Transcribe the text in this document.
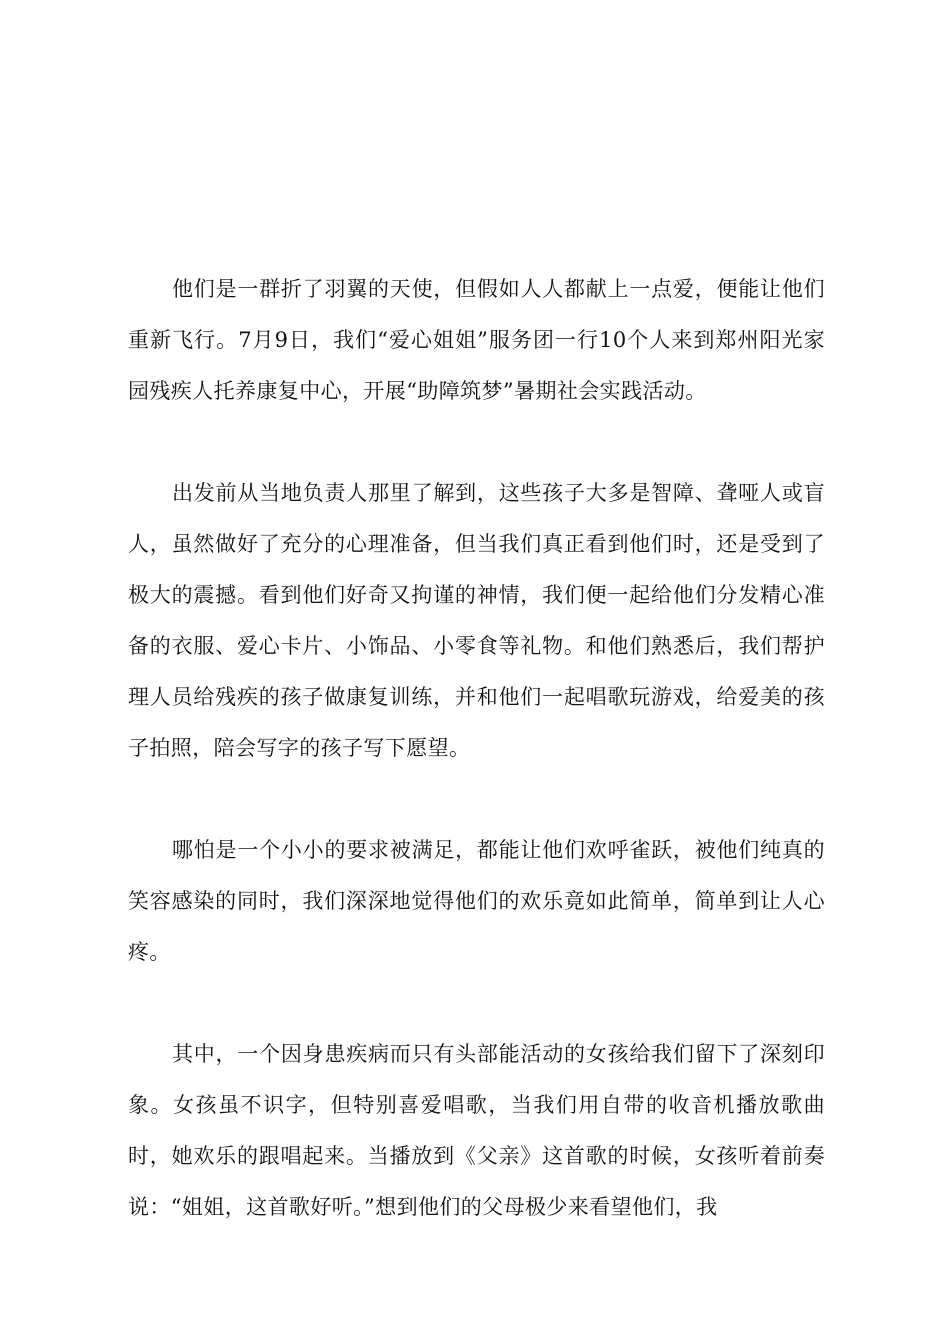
他们是一群折了羽翼的天使，但假如人人都献上一点爱，便能让他们重新飞行。7月9日，我们“爱心姐姐”服务团一行10个人来到郑州阳光家园残疾人托养康复中心，开展“助障筑梦”暑期社会实践活动。

出发前从当地负责人那里了解到，这些孩子大多是智障、聋哑人或盲人，虽然做好了充分的心理准备，但当我们真正看到他们时，还是受到了极大的震撼。看到他们好奇又拘谨的神情，我们便一起给他们分发精心准备的衣服、爱心卡片、小饰品、小零食等礼物。和他们熟悉后，我们帮护理人员给残疾的孩子做康复训练，并和他们一起唱歌玩游戏，给爱美的孩子拍照，陪会写字的孩子写下愿望。

哪怕是一个小小的要求被满足，都能让他们欢呼雀跃，被他们纯真的笑容感染的同时，我们深深地觉得他们的欢乐竟如此简单，简单到让人心疼。

其中，一个因身患疾病而只有头部能活动的女孩给我们留下了深刻印象。女孩虽不识字，但特别喜爱唱歌，当我们用自带的收音机播放歌曲时，她欢乐的跟唱起来。当播放到《父亲》这首歌的时候，女孩听着前奏说：“姐姐，这首歌好听。”想到他们的父母极少来看望他们，我
